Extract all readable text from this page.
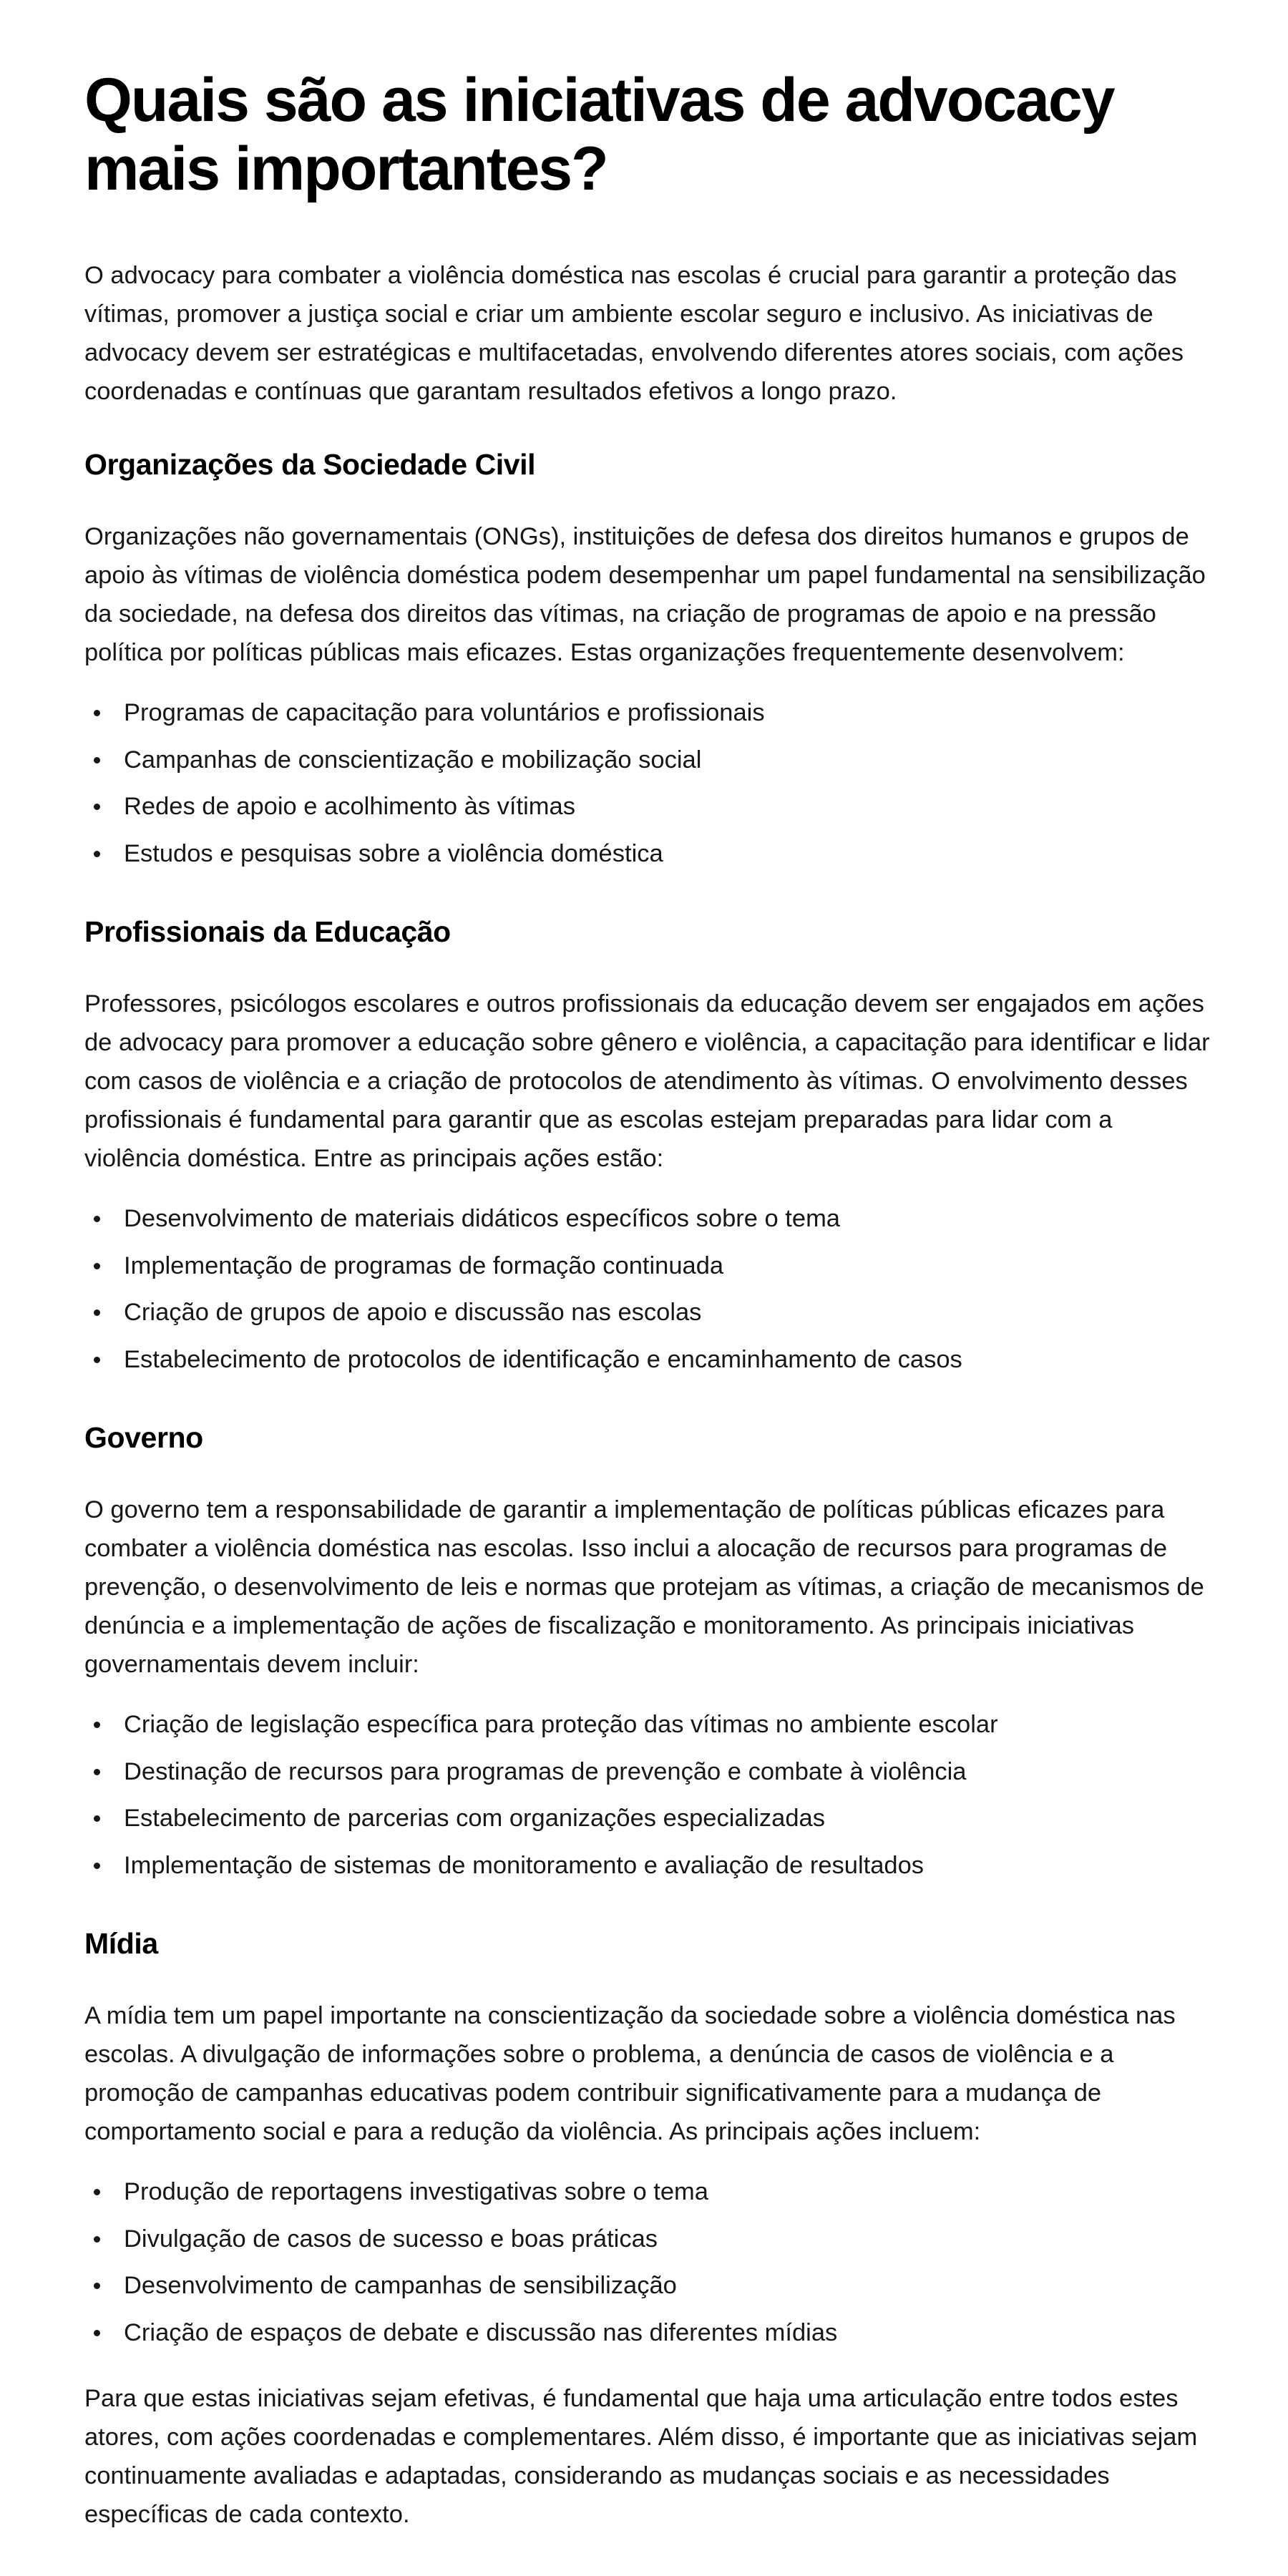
Quais são as iniciativas de advocacy mais importantes?

O advocacy para combater a violência doméstica nas escolas é crucial para garantir a proteção das vítimas, promover a justiça social e criar um ambiente escolar seguro e inclusivo. As iniciativas de advocacy devem ser estratégicas e multifacetadas, envolvendo diferentes atores sociais, com ações coordenadas e contínuas que garantam resultados efetivos a longo prazo.

Organizações da Sociedade Civil

Organizações não governamentais (ONGs), instituições de defesa dos direitos humanos e grupos de apoio às vítimas de violência doméstica podem desempenhar um papel fundamental na sensibilização da sociedade, na defesa dos direitos das vítimas, na criação de programas de apoio e na pressão política por políticas públicas mais eficazes. Estas organizações frequentemente desenvolvem:

Programas de capacitação para voluntários e profissionais
Campanhas de conscientização e mobilização social
Redes de apoio e acolhimento às vítimas
Estudos e pesquisas sobre a violência doméstica
Profissionais da Educação

Professores, psicólogos escolares e outros profissionais da educação devem ser engajados em ações de advocacy para promover a educação sobre gênero e violência, a capacitação para identificar e lidar com casos de violência e a criação de protocolos de atendimento às vítimas. O envolvimento desses profissionais é fundamental para garantir que as escolas estejam preparadas para lidar com a violência doméstica. Entre as principais ações estão:

Desenvolvimento de materiais didáticos específicos sobre o tema
Implementação de programas de formação continuada
Criação de grupos de apoio e discussão nas escolas
Estabelecimento de protocolos de identificação e encaminhamento de casos
Governo

O governo tem a responsabilidade de garantir a implementação de políticas públicas eficazes para combater a violência doméstica nas escolas. Isso inclui a alocação de recursos para programas de prevenção, o desenvolvimento de leis e normas que protejam as vítimas, a criação de mecanismos de denúncia e a implementação de ações de fiscalização e monitoramento. As principais iniciativas governamentais devem incluir:

Criação de legislação específica para proteção das vítimas no ambiente escolar
Destinação de recursos para programas de prevenção e combate à violência
Estabelecimento de parcerias com organizações especializadas
Implementação de sistemas de monitoramento e avaliação de resultados
Mídia

A mídia tem um papel importante na conscientização da sociedade sobre a violência doméstica nas escolas. A divulgação de informações sobre o problema, a denúncia de casos de violência e a promoção de campanhas educativas podem contribuir significativamente para a mudança de comportamento social e para a redução da violência. As principais ações incluem:

Produção de reportagens investigativas sobre o tema
Divulgação de casos de sucesso e boas práticas
Desenvolvimento de campanhas de sensibilização
Criação de espaços de debate e discussão nas diferentes mídias

Para que estas iniciativas sejam efetivas, é fundamental que haja uma articulação entre todos estes atores, com ações coordenadas e complementares. Além disso, é importante que as iniciativas sejam continuamente avaliadas e adaptadas, considerando as mudanças sociais e as necessidades específicas de cada contexto.
